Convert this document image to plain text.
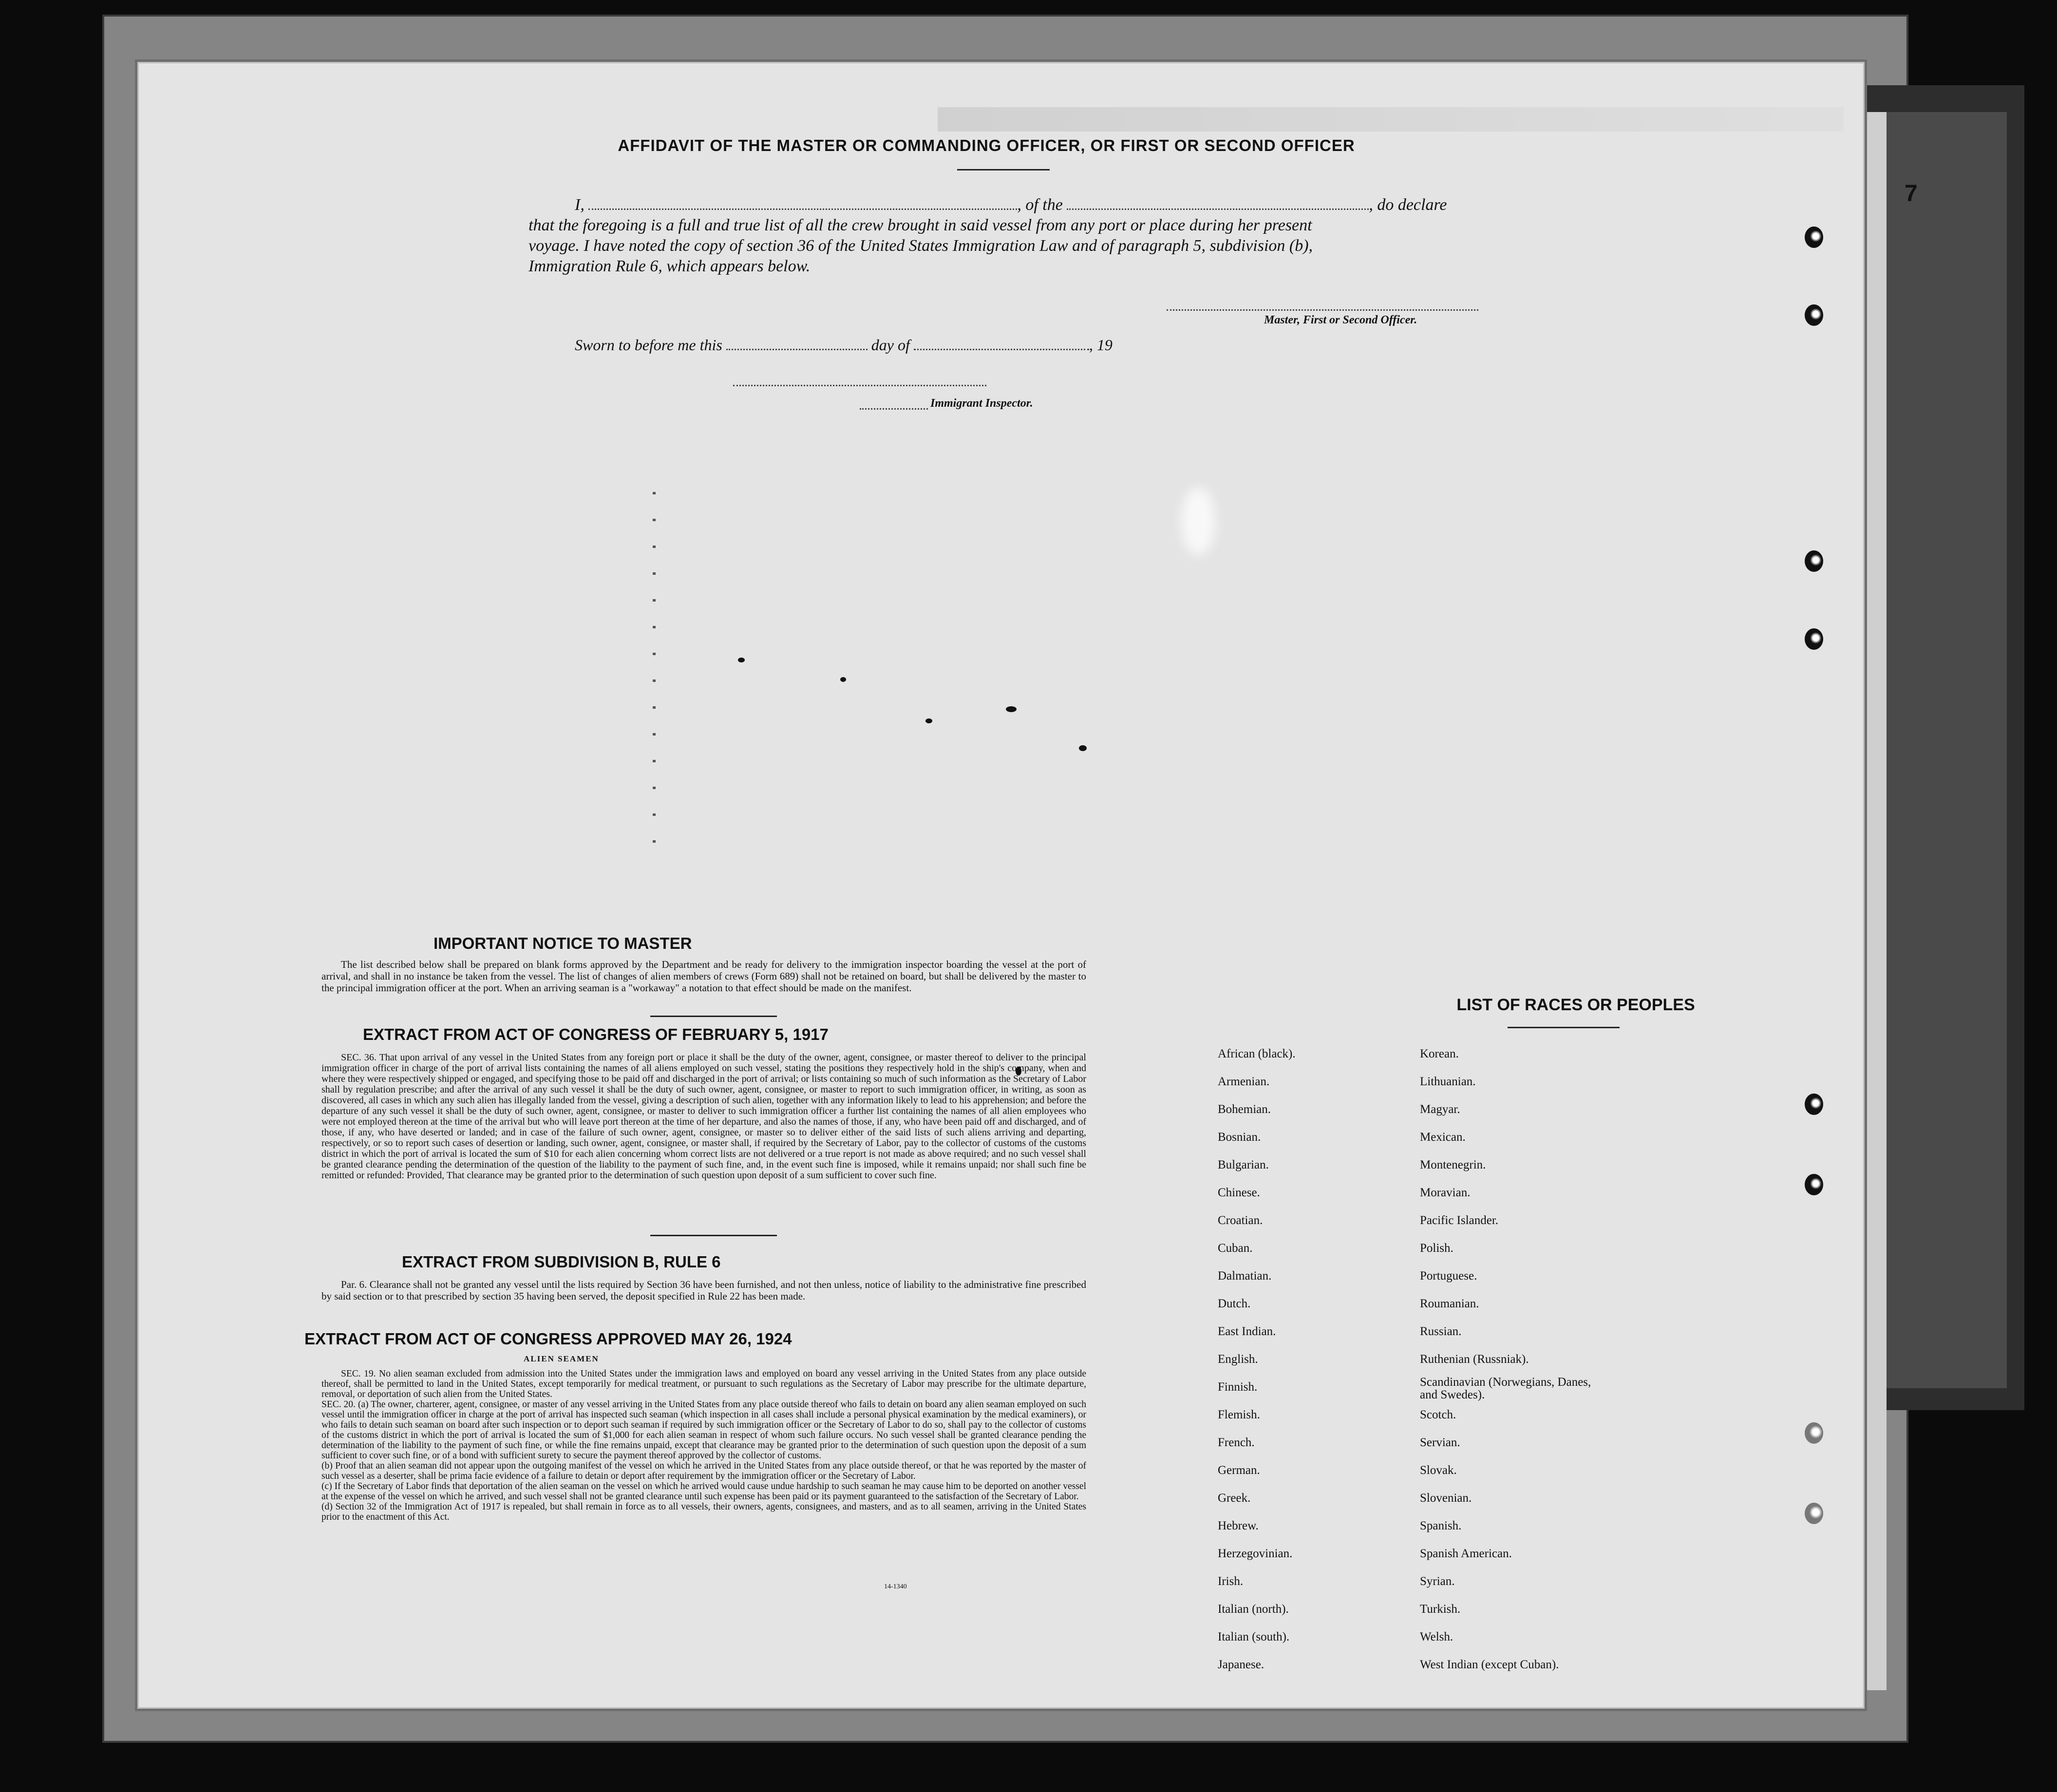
7
AFFIDAVIT OF THE MASTER OR COMMANDING OFFICER, OR FIRST OR SECOND OFFICER
I,	, of the	, do declare
that the foregoing is a full and true list of all the crew brought in said vessel from any port or place during her present
voyage. I have noted the copy of section 36 of the United States Immigration Law and of paragraph 5, subdivision (b),
Immigration Rule 6, which appears below.
Master, First or Second Officer.
Sworn to before me this	day of	, 19
Immigrant Inspector.
IMPORTANT NOTICE TO MASTER
The list described below shall be prepared on blank forms approved by the Department and be ready for delivery to the immigration inspector boarding the vessel at the port of arrival, and shall in no instance be taken from the vessel. The list of changes of alien members of crews (Form 689) shall not be retained on board, but shall be delivered by the master to the principal immigration officer at the port. When an arriving seaman is a "workaway" a notation to that effect should be made on the manifest.
EXTRACT FROM ACT OF CONGRESS OF FEBRUARY 5, 1917
SEC. 36. That upon arrival of any vessel in the United States from any foreign port or place it shall be the duty of the owner, agent, consignee, or master thereof to deliver to the principal immigration officer in charge of the port of arrival lists containing the names of all aliens employed on such vessel, stating the positions they respectively hold in the ship's company, when and where they were respectively shipped or engaged, and specifying those to be paid off and discharged in the port of arrival; or lists containing so much of such information as the Secretary of Labor shall by regulation prescribe; and after the arrival of any such vessel it shall be the duty of such owner, agent, consignee, or master to report to such immigration officer, in writing, as soon as discovered, all cases in which any such alien has illegally landed from the vessel, giving a description of such alien, together with any information likely to lead to his apprehension; and before the departure of any such vessel it shall be the duty of such owner, agent, consignee, or master to deliver to such immigration officer a further list containing the names of all alien employees who were not employed thereon at the time of the arrival but who will leave port thereon at the time of her departure, and also the names of those, if any, who have been paid off and discharged, and of those, if any, who have deserted or landed; and in case of the failure of such owner, agent, consignee, or master so to deliver either of the said lists of such aliens arriving and departing, respectively, or so to report such cases of desertion or landing, such owner, agent, consignee, or master shall, if required by the Secretary of Labor, pay to the collector of customs of the customs district in which the port of arrival is located the sum of $10 for each alien concerning whom correct lists are not delivered or a true report is not made as above required; and no such vessel shall be granted clearance pending the determination of the question of the liability to the payment of such fine, and, in the event such fine is imposed, while it remains unpaid; nor shall such fine be remitted or refunded: Provided, That clearance may be granted prior to the determination of such question upon deposit of a sum sufficient to cover such fine.
EXTRACT FROM SUBDIVISION B, RULE 6
Par. 6. Clearance shall not be granted any vessel until the lists required by Section 36 have been furnished, and not then unless, notice of liability to the administrative fine prescribed by said section or to that prescribed by section 35 having been served, the deposit specified in Rule 22 has been made.
EXTRACT FROM ACT OF CONGRESS APPROVED MAY 26, 1924
ALIEN SEAMEN
SEC. 19. No alien seaman excluded from admission into the United States under the immigration laws and employed on board any vessel arriving in the United States from any place outside thereof, shall be permitted to land in the United States, except temporarily for medical treatment, or pursuant to such regulations as the Secretary of Labor may prescribe for the ultimate departure, removal, or deportation of such alien from the United States.
SEC. 20. (a) The owner, charterer, agent, consignee, or master of any vessel arriving in the United States from any place outside thereof who fails to detain on board any alien seaman employed on such vessel until the immigration officer in charge at the port of arrival has inspected such seaman (which inspection in all cases shall include a personal physical examination by the medical examiners), or who fails to detain such seaman on board after such inspection or to deport such seaman if required by such immigration officer or the Secretary of Labor to do so, shall pay to the collector of customs of the customs district in which the port of arrival is located the sum of $1,000 for each alien seaman in respect of whom such failure occurs. No such vessel shall be granted clearance pending the determination of the liability to the payment of such fine, or while the fine remains unpaid, except that clearance may be granted prior to the determination of such question upon the deposit of a sum sufficient to cover such fine, or of a bond with sufficient surety to secure the payment thereof approved by the collector of customs.
(b) Proof that an alien seaman did not appear upon the outgoing manifest of the vessel on which he arrived in the United States from any place outside thereof, or that he was reported by the master of such vessel as a deserter, shall be prima facie evidence of a failure to detain or deport after requirement by the immigration officer or the Secretary of Labor.
(c) If the Secretary of Labor finds that deportation of the alien seaman on the vessel on which he arrived would cause undue hardship to such seaman he may cause him to be deported on another vessel at the expense of the vessel on which he arrived, and such vessel shall not be granted clearance until such expense has been paid or its payment guaranteed to the satisfaction of the Secretary of Labor.
(d) Section 32 of the Immigration Act of 1917 is repealed, but shall remain in force as to all vessels, their owners, agents, consignees, and masters, and as to all seamen, arriving in the United States prior to the enactment of this Act.
14-1340
LIST OF RACES OR PEOPLES
African (black).
Armenian.
Bohemian.
Bosnian.
Bulgarian.
Chinese.
Croatian.
Cuban.
Dalmatian.
Dutch.
East Indian.
English.
Finnish.
Flemish.
French.
German.
Greek.
Hebrew.
Herzegovinian.
Irish.
Italian (north).
Italian (south).
Japanese.
Korean.
Lithuanian.
Magyar.
Mexican.
Montenegrin.
Moravian.
Pacific Islander.
Polish.
Portuguese.
Roumanian.
Russian.
Ruthenian (Russniak).
Scandinavian (Norwegians, Danes, and Swedes).
Scotch.
Servian.
Slovak.
Slovenian.
Spanish.
Spanish American.
Syrian.
Turkish.
Welsh.
West Indian (except Cuban).
